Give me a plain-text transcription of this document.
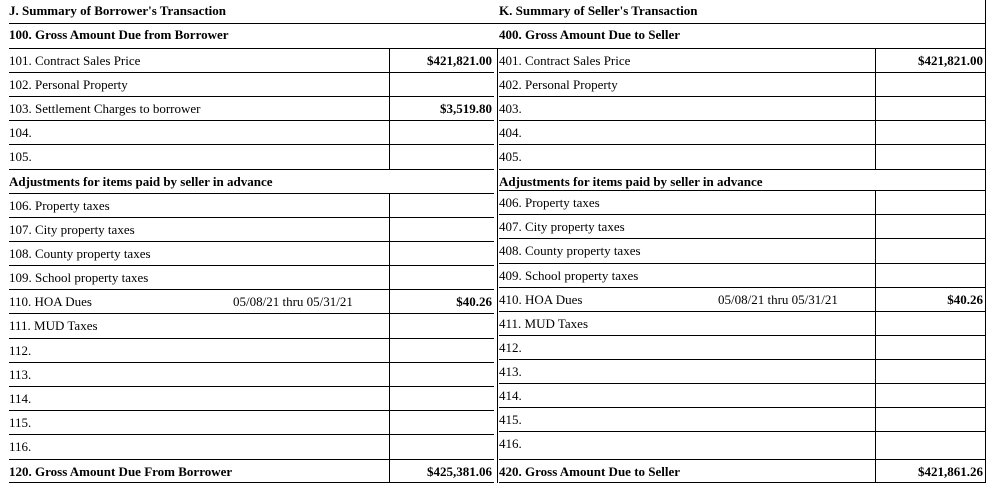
J. Summary of Borrower's Transaction
100. Gross Amount Due from Borrower
101. Contract Sales Price	$421,821.00
102. Personal Property
103. Settlement Charges to borrower	$3,519.80
104.
105.
106. Property taxes
107. City property taxes
108. County property taxes
109. School property taxes
110. HOA Dues	05/08/21 thru 05/31/21	$40.26
111. MUD Taxes
112.
113.
114.
115.
116.
Adjustments for items paid by seller in advance
120. Gross Amount Due From Borrower	$425,381.06
K. Summary of Seller's Transaction
400. Gross Amount Due to Seller
401. Contract Sales Price	$421,821.00
402. Personal Property
403.
404.
405.
406. Property taxes
407. City property taxes
408. County property taxes
409. School property taxes
410. HOA Dues	05/08/21 thru 05/31/21	$40.26
411. MUD Taxes
412.
413.
414.
415.
416.
Adjustments for items paid by seller in advance
420. Gross Amount Due to Seller	$421,861.26
